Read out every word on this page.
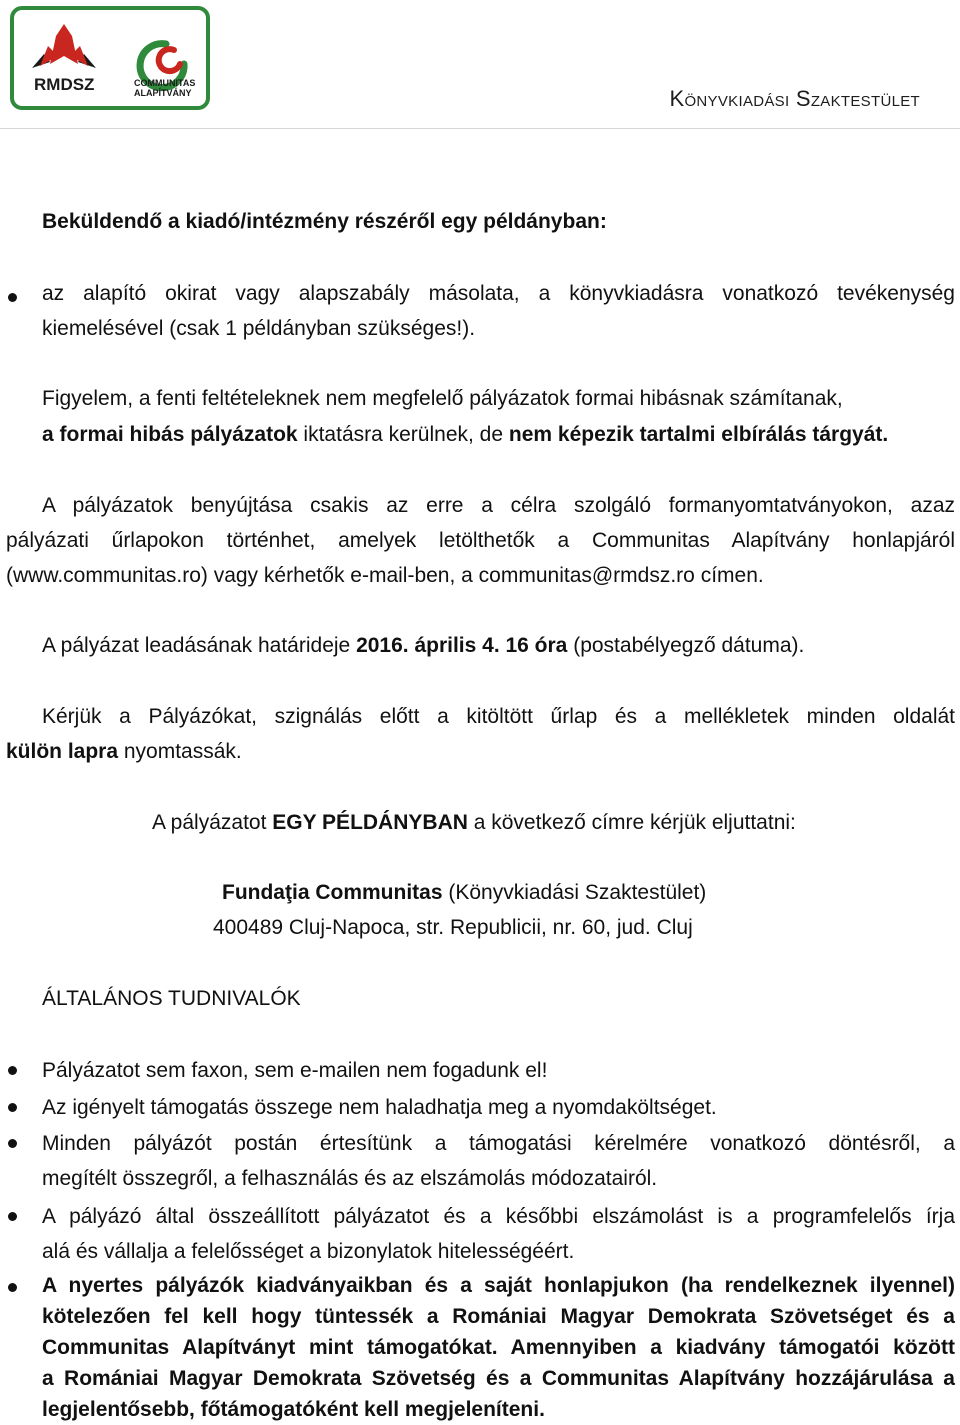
RMDSZ	COMMUNITAS
ALAPÍTVÁNY	Könyvkiadási Szaktestület
Beküldendő a kiadó/intézmény részéről egy példányban:
az alapító okirat vagy alapszabály másolata, a könyvkiadásra vonatkozó tevékenység
kiemelésével (csak 1 példányban szükséges!).
Figyelem, a fenti feltételeknek nem megfelelő pályázatok formai hibásnak számítanak,
a formai hibás pályázatok iktatásra kerülnek, de nem képezik tartalmi elbírálás tárgyát.
A pályázatok benyújtása csakis az erre a célra szolgáló formanyomtatványokon, azaz
pályázati űrlapokon történhet, amelyek letölthetők a Communitas Alapítvány honlapjáról
(www.communitas.ro) vagy kérhetők e-mail-ben, a communitas@rmdsz.ro címen.
A pályázat leadásának határideje 2016. április 4. 16 óra (postabélyegző dátuma).
Kérjük a Pályázókat, szignálás előtt a kitöltött űrlap és a mellékletek minden oldalát
külön lapra nyomtassák.
A pályázatot EGY PÉLDÁNYBAN a következő címre kérjük eljuttatni:
Fundaţia Communitas (Könyvkiadási Szaktestület)
400489 Cluj-Napoca, str. Republicii, nr. 60, jud. Cluj
ÁLTALÁNOS TUDNIVALÓK
Pályázatot sem faxon, sem e-mailen nem fogadunk el!
Az igényelt támogatás összege nem haladhatja meg a nyomdaköltséget.
Minden pályázót postán értesítünk a támogatási kérelmére vonatkozó döntésről, a
megítélt összegről, a felhasználás és az elszámolás módozatairól.
A pályázó által összeállított pályázatot és a későbbi elszámolást is a programfelelős írja
alá és vállalja a felelősséget a bizonylatok hitelességéért.
A nyertes pályázók kiadványaikban és a saját honlapjukon (ha rendelkeznek ilyennel)
kötelezően fel kell hogy tüntessék a Romániai Magyar Demokrata Szövetséget és a
Communitas Alapítványt mint támogatókat. Amennyiben a kiadvány támogatói között
a Romániai Magyar Demokrata Szövetség és a Communitas Alapítvány hozzájárulása a
legjelentősebb, főtámogatóként kell megjeleníteni.
